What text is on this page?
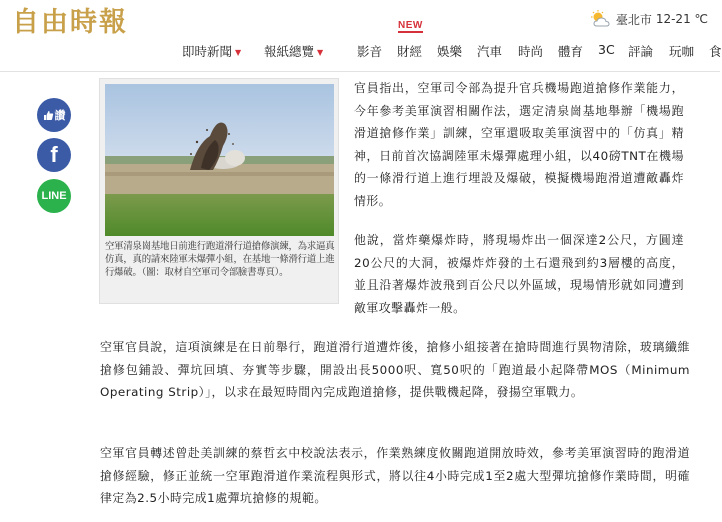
自由時報	臺北市 12-21 ℃
NEW
即時新聞 ▼ 報紙總覽 ▼	影音 財經 娛樂 汽車 時尚 體育 3C 評論 玩咖 食
讚
f
LINE
空軍清泉崗基地日前進行跑道滑行道搶修演練，為求逼真仿真，真的請來陸軍未爆彈小組，在基地一條滑行道上進行爆破。（圖：取材自空軍司令部臉書專頁）。

官員指出，空軍司令部為提升官兵機場跑道搶修作業能力，今年參考美軍演習相關作法，選定清泉崗基地舉辦「機場跑滑道搶修作業」訓練，空軍還吸取美軍演習中的「仿真」精神，日前首次協調陸軍未爆彈處理小組，以40磅TNT在機場的一條滑行道上進行埋設及爆破，模擬機場跑滑道遭敵轟炸情形。

他說，當炸藥爆炸時，將現場炸出一個深達2公尺，方圓達20公尺的大洞，被爆炸炸發的土石還飛到約3層樓的高度，並且沿著爆炸波飛到百公尺以外區域，現場情形就如同遭到敵軍攻擊轟炸一般。

空軍官員說，這項演練是在日前舉行，跑道滑行道遭炸後，搶修小組接著在搶時間進行異物清除，玻璃纖維搶修包鋪設、彈坑回填、夯實等步驟，開設出長5000呎、寬50呎的「跑道最小起降帶MOS（Minimum Operating Strip）」，以求在最短時間內完成跑道搶修，提供戰機起降，發揚空軍戰力。

空軍官員轉述曾赴美訓練的蔡哲玄中校說法表示，作業熟練度攸關跑道開放時效，參考美軍演習時的跑滑道搶修經驗，修正並統一空軍跑滑道作業流程與形式，將以往4小時完成1至2處大型彈坑搶修作業時間，明確律定為2.5小時完成1處彈坑搶修的規範。
